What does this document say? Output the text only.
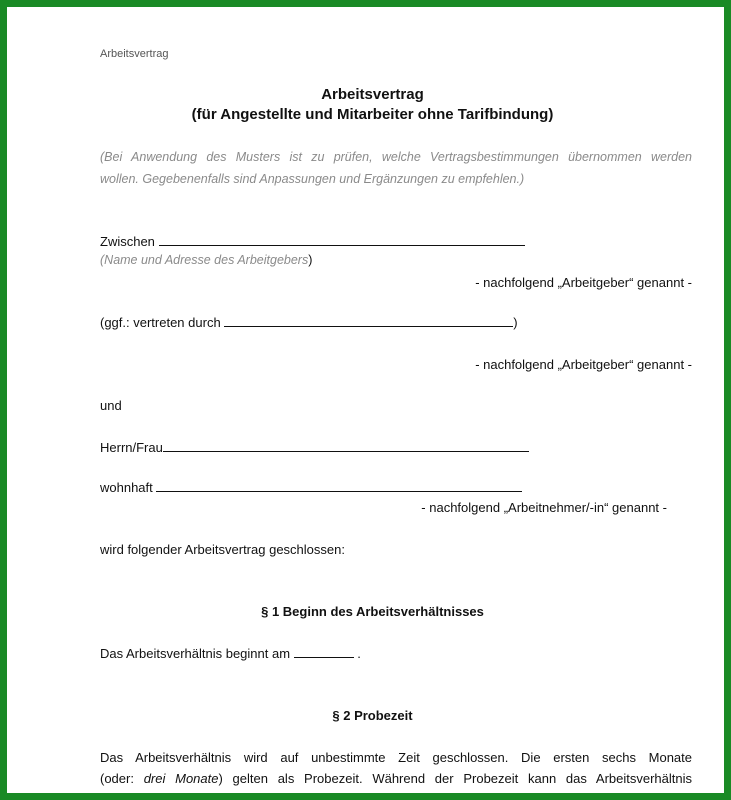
Arbeitsvertrag
Arbeitsvertrag
(für Angestellte und Mitarbeiter ohne Tarifbindung)
(Bei Anwendung des Musters ist zu prüfen, welche Vertragsbestimmungen übernommen werden
wollen. Gegebenenfalls sind Anpassungen und Ergänzungen zu empfehlen.)
Zwischen
(Name und Adresse des Arbeitgebers)
- nachfolgend „Arbeitgeber“ genannt -
(ggf.: vertreten durch	)
- nachfolgend „Arbeitgeber“ genannt -
und
Herrn/Frau
wohnhaft
- nachfolgend „Arbeitnehmer/-in“ genannt -
wird folgender Arbeitsvertrag geschlossen:
§ 1 Beginn des Arbeitsverhältnisses
Das Arbeitsverhältnis beginnt am	.
§ 2 Probezeit
Das Arbeitsverhältnis wird auf unbestimmte Zeit geschlossen. Die ersten sechs Monate
(oder: drei Monate) gelten als Probezeit. Während der Probezeit kann das Arbeitsverhältnis
beiderseits mit einer Frist von zwei Wochen gekündigt werden.
